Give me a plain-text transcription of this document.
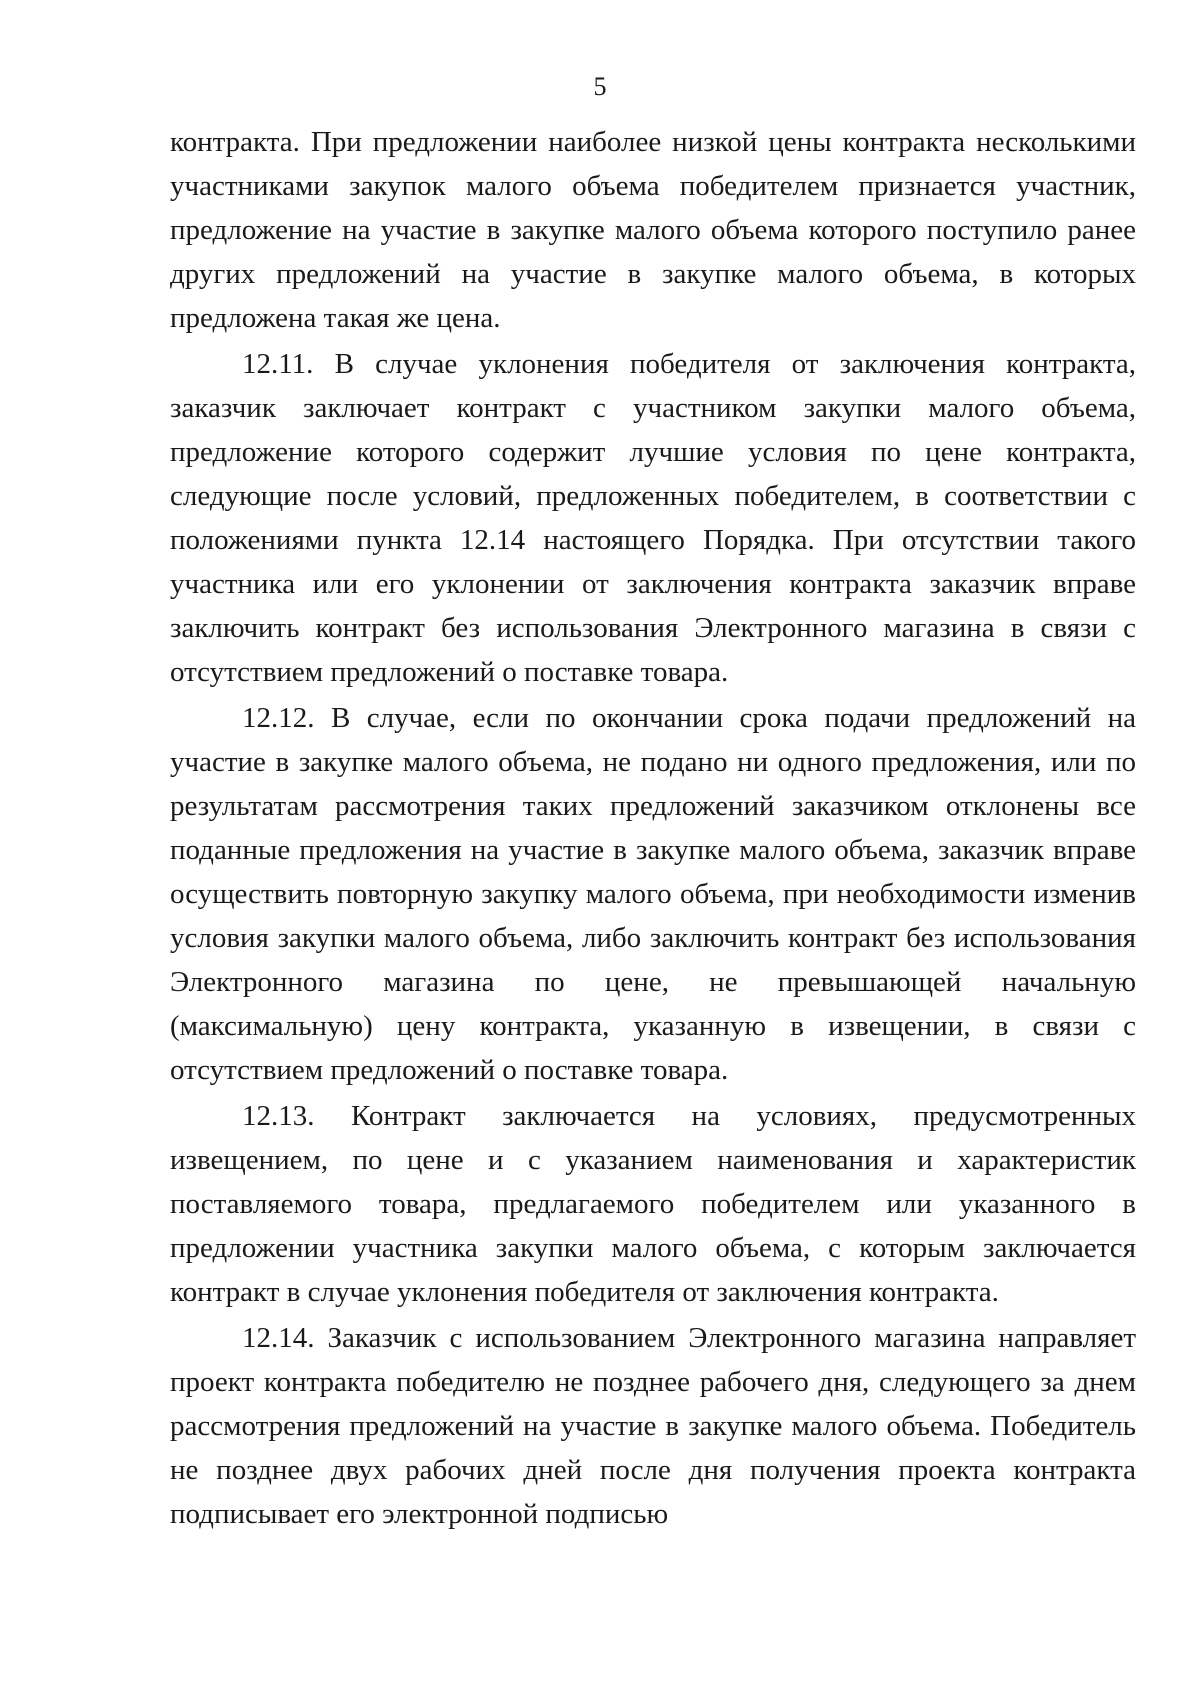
5

контракта. При предложении наиболее низкой цены контракта несколькими участниками закупок малого объема победителем признается участник, предложение на участие в закупке малого объема которого поступило ранее других предложений на участие в закупке малого объема, в которых предложена такая же цена.

12.11. В случае уклонения победителя от заключения контракта, заказчик заключает контракт с участником закупки малого объема, предложение которого содержит лучшие условия по цене контракта, следующие после условий, предложенных победителем, в соответствии с положениями пункта 12.14 настоящего Порядка. При отсутствии такого участника или его уклонении от заключения контракта заказчик вправе заключить контракт без использования Электронного магазина в связи с отсутствием предложений о поставке товара.

12.12. В случае, если по окончании срока подачи предложений на участие в закупке малого объема, не подано ни одного предложения, или по результатам рассмотрения таких предложений заказчиком отклонены все поданные предложения на участие в закупке малого объема, заказчик вправе осуществить повторную закупку малого объема, при необходимости изменив условия закупки малого объема, либо заключить контракт без использования Электронного магазина по цене, не превышающей начальную (максимальную) цену контракта, указанную в извещении, в связи с отсутствием предложений о поставке товара.

12.13. Контракт заключается на условиях, предусмотренных извещением, по цене и с указанием наименования и характеристик поставляемого товара, предлагаемого победителем или указанного в предложении участника закупки малого объема, с которым заключается контракт в случае уклонения победителя от заключения контракта.

12.14. Заказчик с использованием Электронного магазина направляет проект контракта победителю не позднее рабочего дня, следующего за днем рассмотрения предложений на участие в закупке малого объема. Победитель не позднее двух рабочих дней после дня получения проекта контракта подписывает его электронной подписью
